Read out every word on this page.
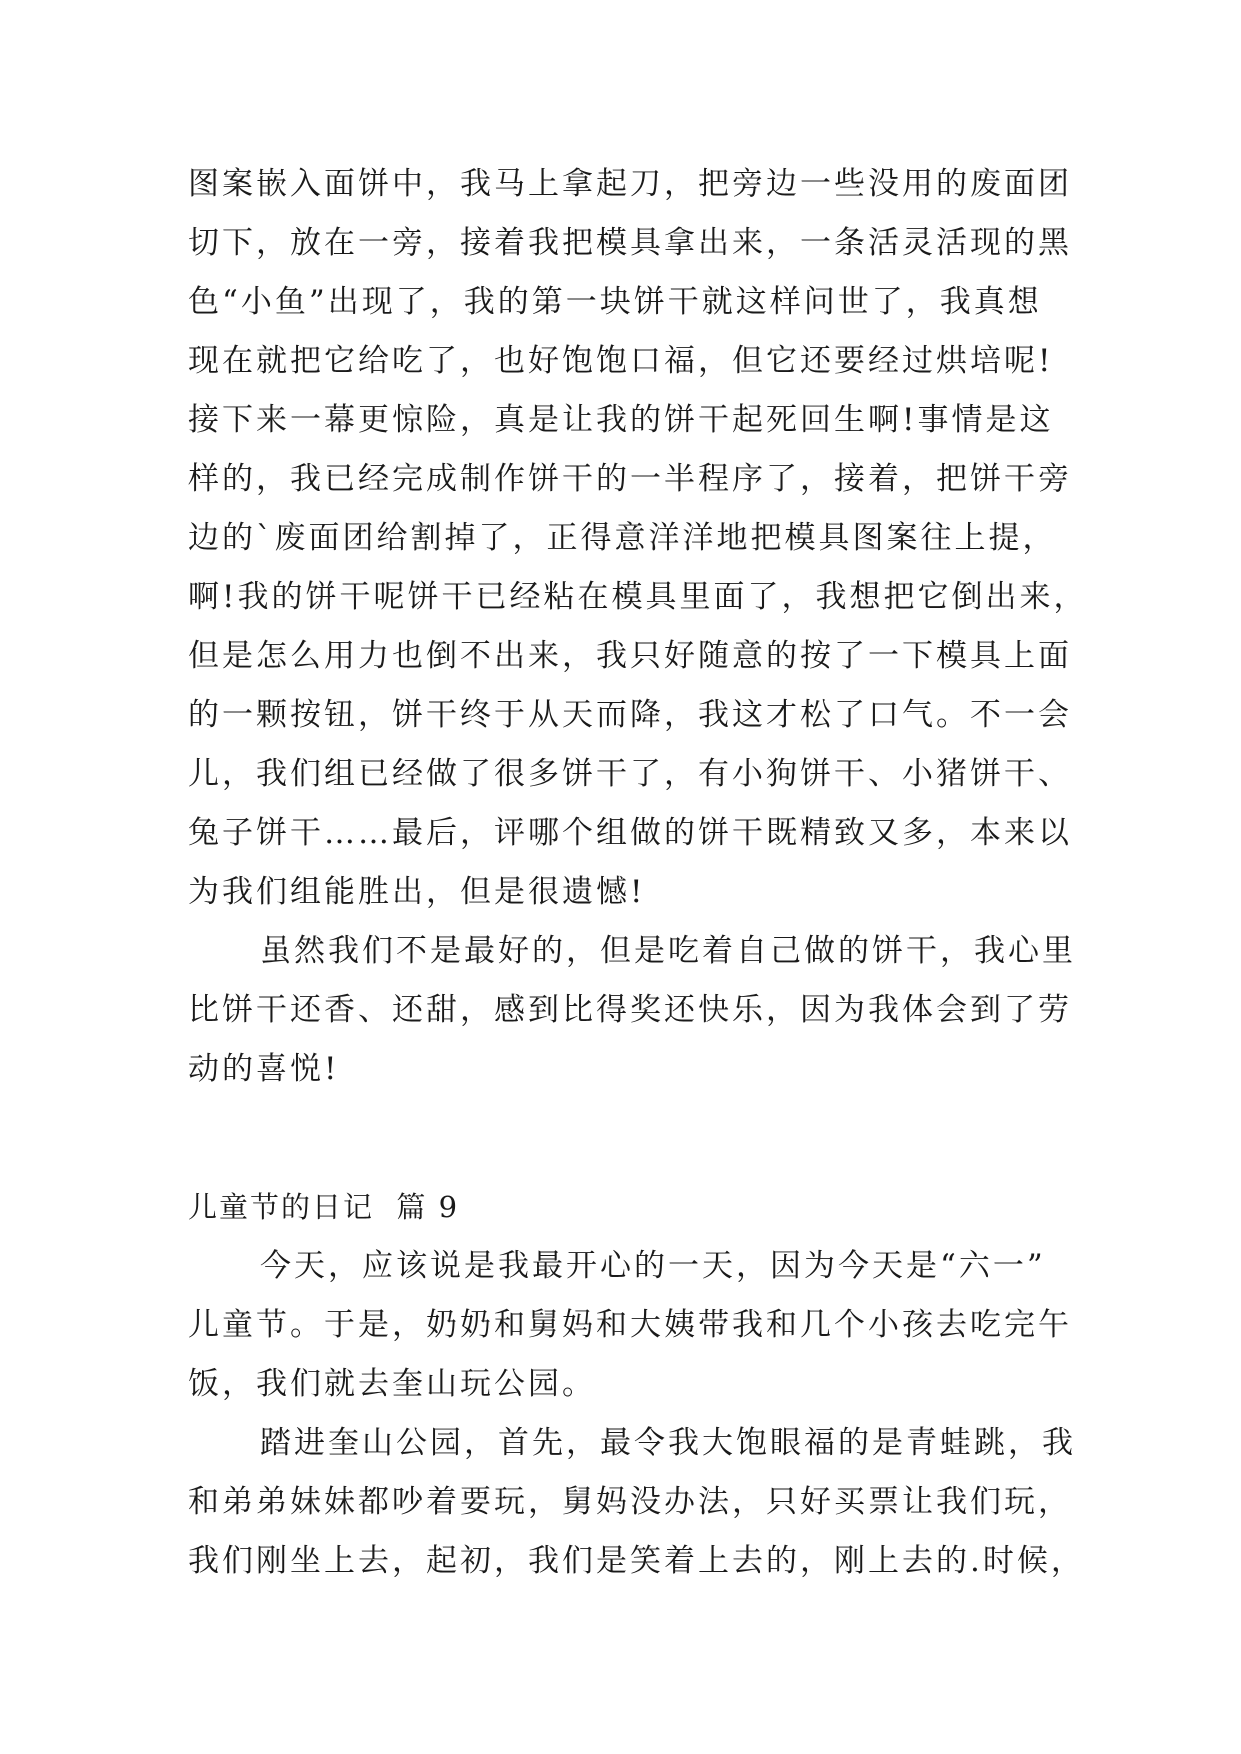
图案嵌入面饼中，我马上拿起刀，把旁边一些没用的废面团
切下，放在一旁，接着我把模具拿出来，一条活灵活现的黑
色“小鱼”出现了，我的第一块饼干就这样问世了，我真想
现在就把它给吃了，也好饱饱口福，但它还要经过烘培呢!
接下来一幕更惊险，真是让我的饼干起死回生啊!事情是这
样的，我已经完成制作饼干的一半程序了，接着，把饼干旁
边的`废面团给割掉了，正得意洋洋地把模具图案往上提，
啊!我的饼干呢饼干已经粘在模具里面了，我想把它倒出来，
但是怎么用力也倒不出来，我只好随意的按了一下模具上面
的一颗按钮，饼干终于从天而降，我这才松了口气。不一会
儿，我们组已经做了很多饼干了，有小狗饼干、小猪饼干、
兔子饼干……最后，评哪个组做的饼干既精致又多，本来以
为我们组能胜出，但是很遗憾!
虽然我们不是最好的，但是吃着自己做的饼干，我心里
比饼干还香、还甜，感到比得奖还快乐，因为我体会到了劳
动的喜悦!
儿童节的日记  篇 9
今天，应该说是我最开心的一天，因为今天是“六一”
儿童节。于是，奶奶和舅妈和大姨带我和几个小孩去吃完午
饭，我们就去奎山玩公园。
踏进奎山公园，首先，最令我大饱眼福的是青蛙跳，我
和弟弟妹妹都吵着要玩，舅妈没办法，只好买票让我们玩，
我们刚坐上去，起初，我们是笑着上去的，刚上去的.时候，
